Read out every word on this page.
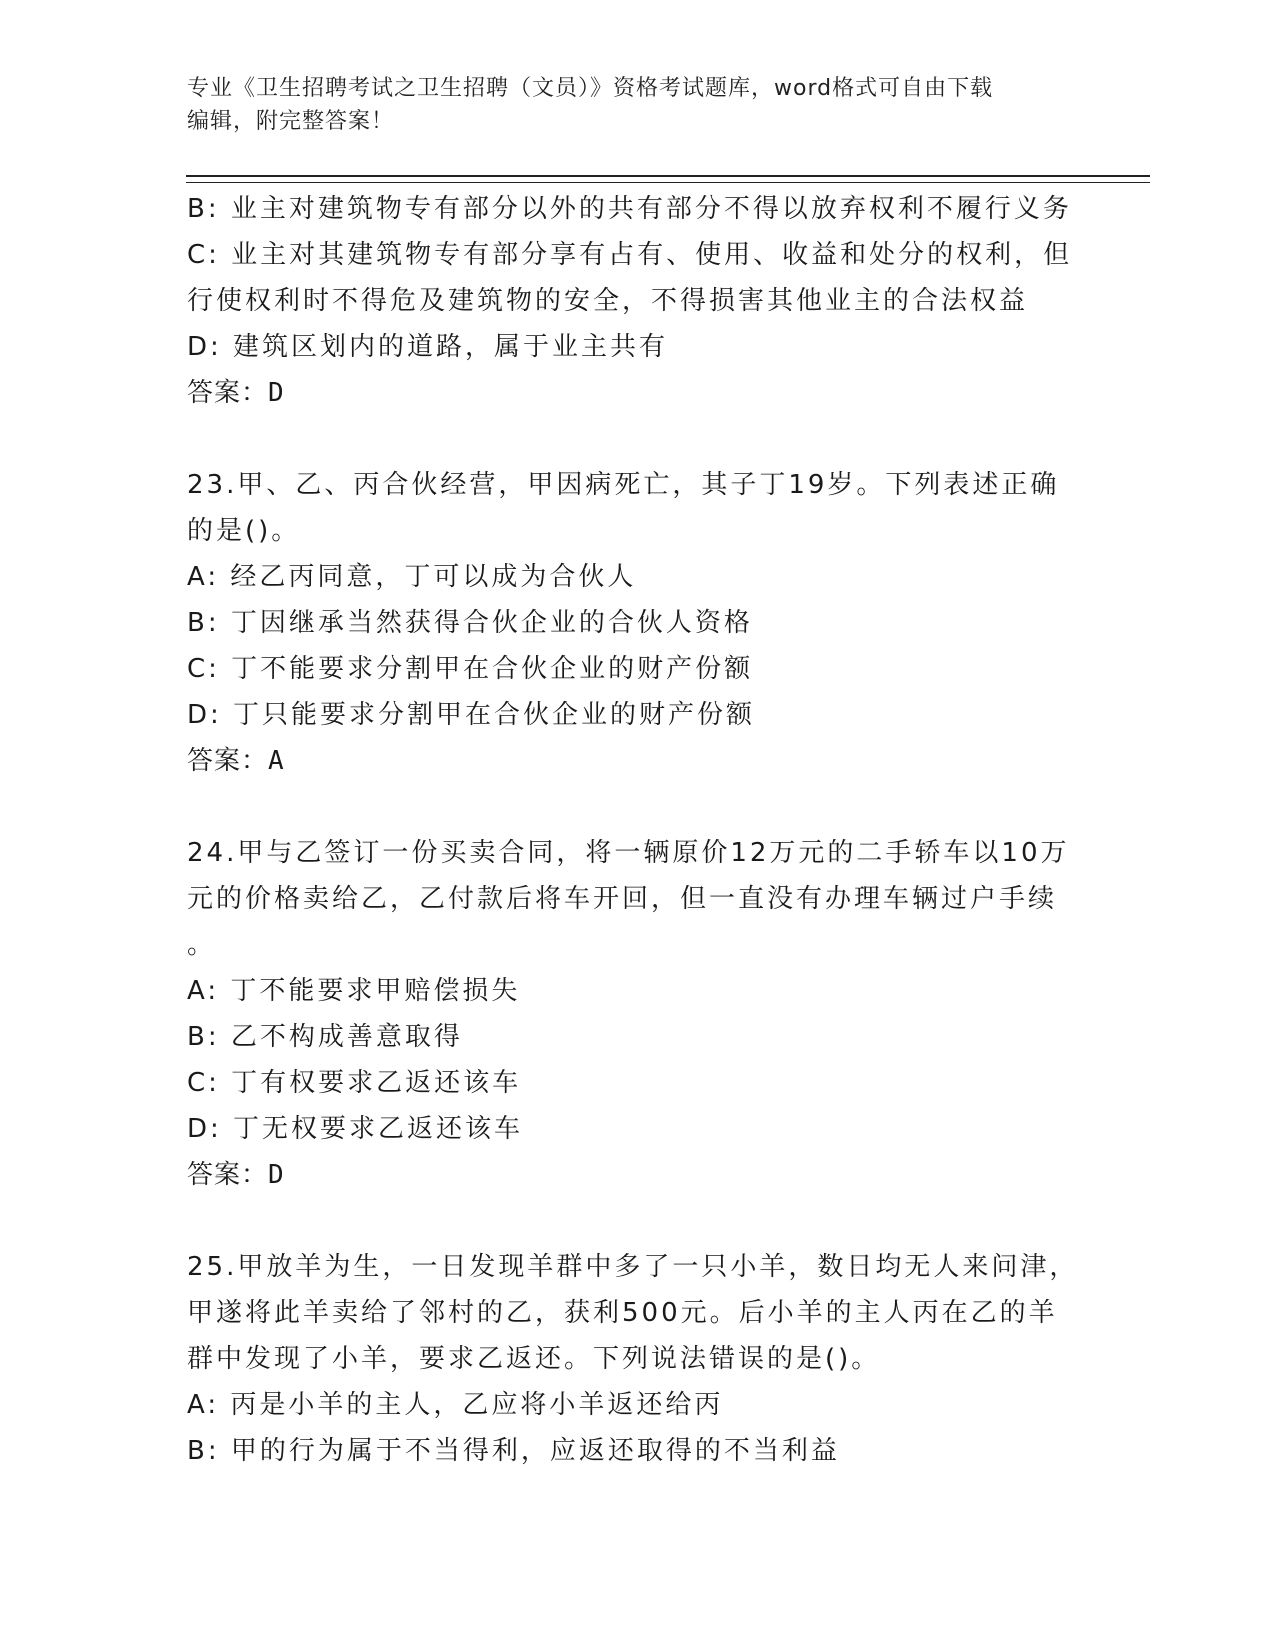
专业《卫生招聘考试之卫生招聘（文员）》资格考试题库，word格式可自由下载
编辑，附完整答案！
B: 业主对建筑物专有部分以外的共有部分不得以放弃权利不履行义务
C: 业主对其建筑物专有部分享有占有、使用、收益和处分的权利，但
行使权利时不得危及建筑物的安全，不得损害其他业主的合法权益
D: 建筑区划内的道路，属于业主共有
答案：D
23.甲、乙、丙合伙经营，甲因病死亡，其子丁19岁。下列表述正确
的是()。
A: 经乙丙同意，丁可以成为合伙人
B: 丁因继承当然获得合伙企业的合伙人资格
C: 丁不能要求分割甲在合伙企业的财产份额
D: 丁只能要求分割甲在合伙企业的财产份额
答案：A
24.甲与乙签订一份买卖合同，将一辆原价12万元的二手轿车以10万
元的价格卖给乙，乙付款后将车开回，但一直没有办理车辆过户手续
。
A: 丁不能要求甲赔偿损失
B: 乙不构成善意取得
C: 丁有权要求乙返还该车
D: 丁无权要求乙返还该车
答案：D
25.甲放羊为生，一日发现羊群中多了一只小羊，数日均无人来问津，
甲遂将此羊卖给了邻村的乙，获利500元。后小羊的主人丙在乙的羊
群中发现了小羊，要求乙返还。下列说法错误的是()。
A: 丙是小羊的主人，乙应将小羊返还给丙
B: 甲的行为属于不当得利，应返还取得的不当利益
